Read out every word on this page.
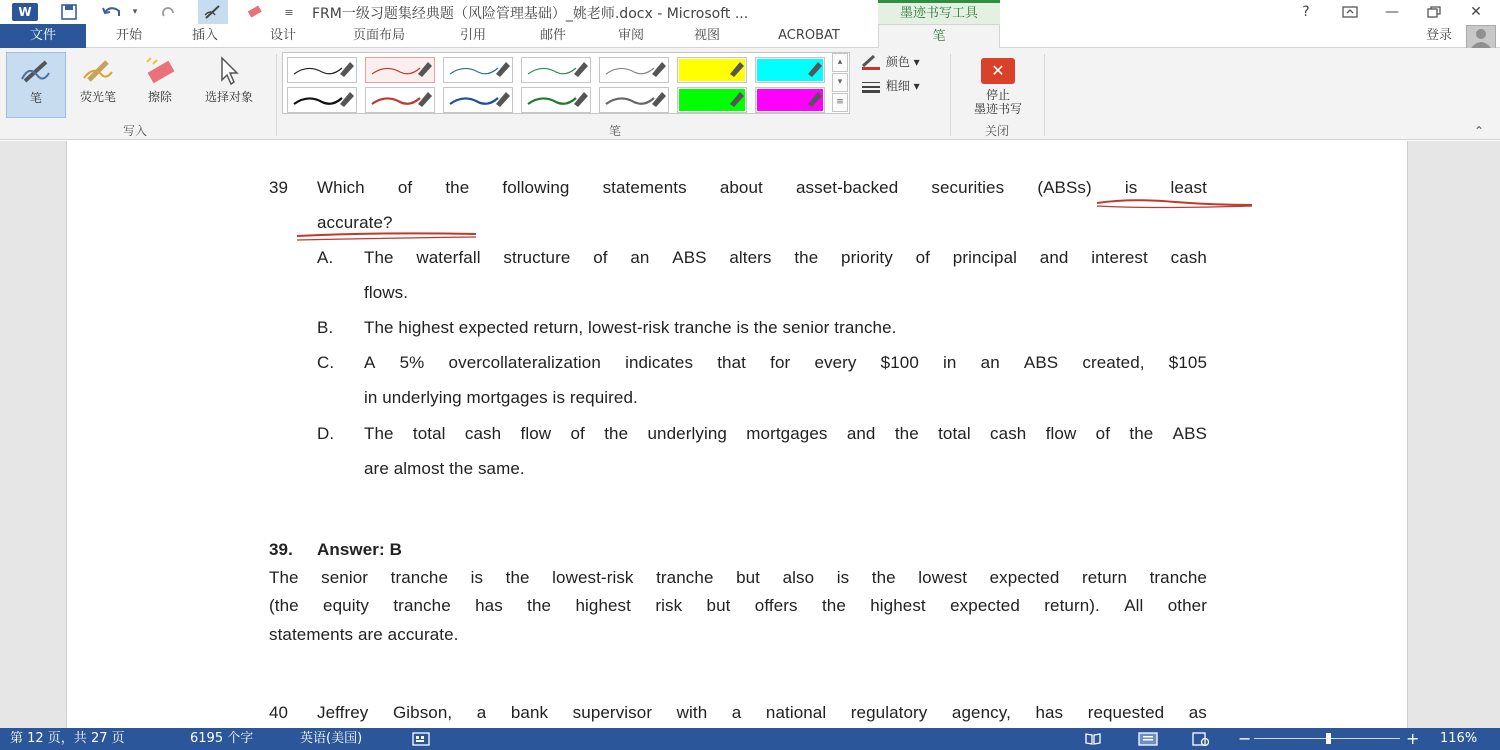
W	▾	≡ FRM一级习题集经典题（风险管理基础）_姚老师.docx - Microsoft ...	墨迹书写工具	?	—	✕
文件	开始	插入	设计	页面布局	引用	邮件	审阅	视图	ACROBAT	笔	登录
笔	荧光笔	擦除	选择对象
写入
▴
▾
≡
颜色 ▾
粗细 ▾
笔
✕
停止
墨迹书写
关闭	⌃
39 Which of the following statements about asset-backed securities (ABSs) is least
accurate?
A. The waterfall structure of an ABS alters the priority of principal and interest cash
flows.
B. The highest expected return, lowest-risk tranche is the senior tranche.
C. A 5% overcollateralization indicates that for every $100 in an ABS created, $105
in underlying mortgages is required.
D. The total cash flow of the underlying mortgages and the total cash flow of the ABS
are almost the same.
39. Answer: B
The senior tranche is the lowest-risk tranche but also is the lowest expected return tranche
(the equity tranche has the highest risk but offers the highest expected return). All other
statements are accurate.
40 Jeffrey Gibson, a bank supervisor with a national regulatory agency, has requested as
第 12 页，共 27 页	6195 个字	英语(美国)	−	+ 116%
